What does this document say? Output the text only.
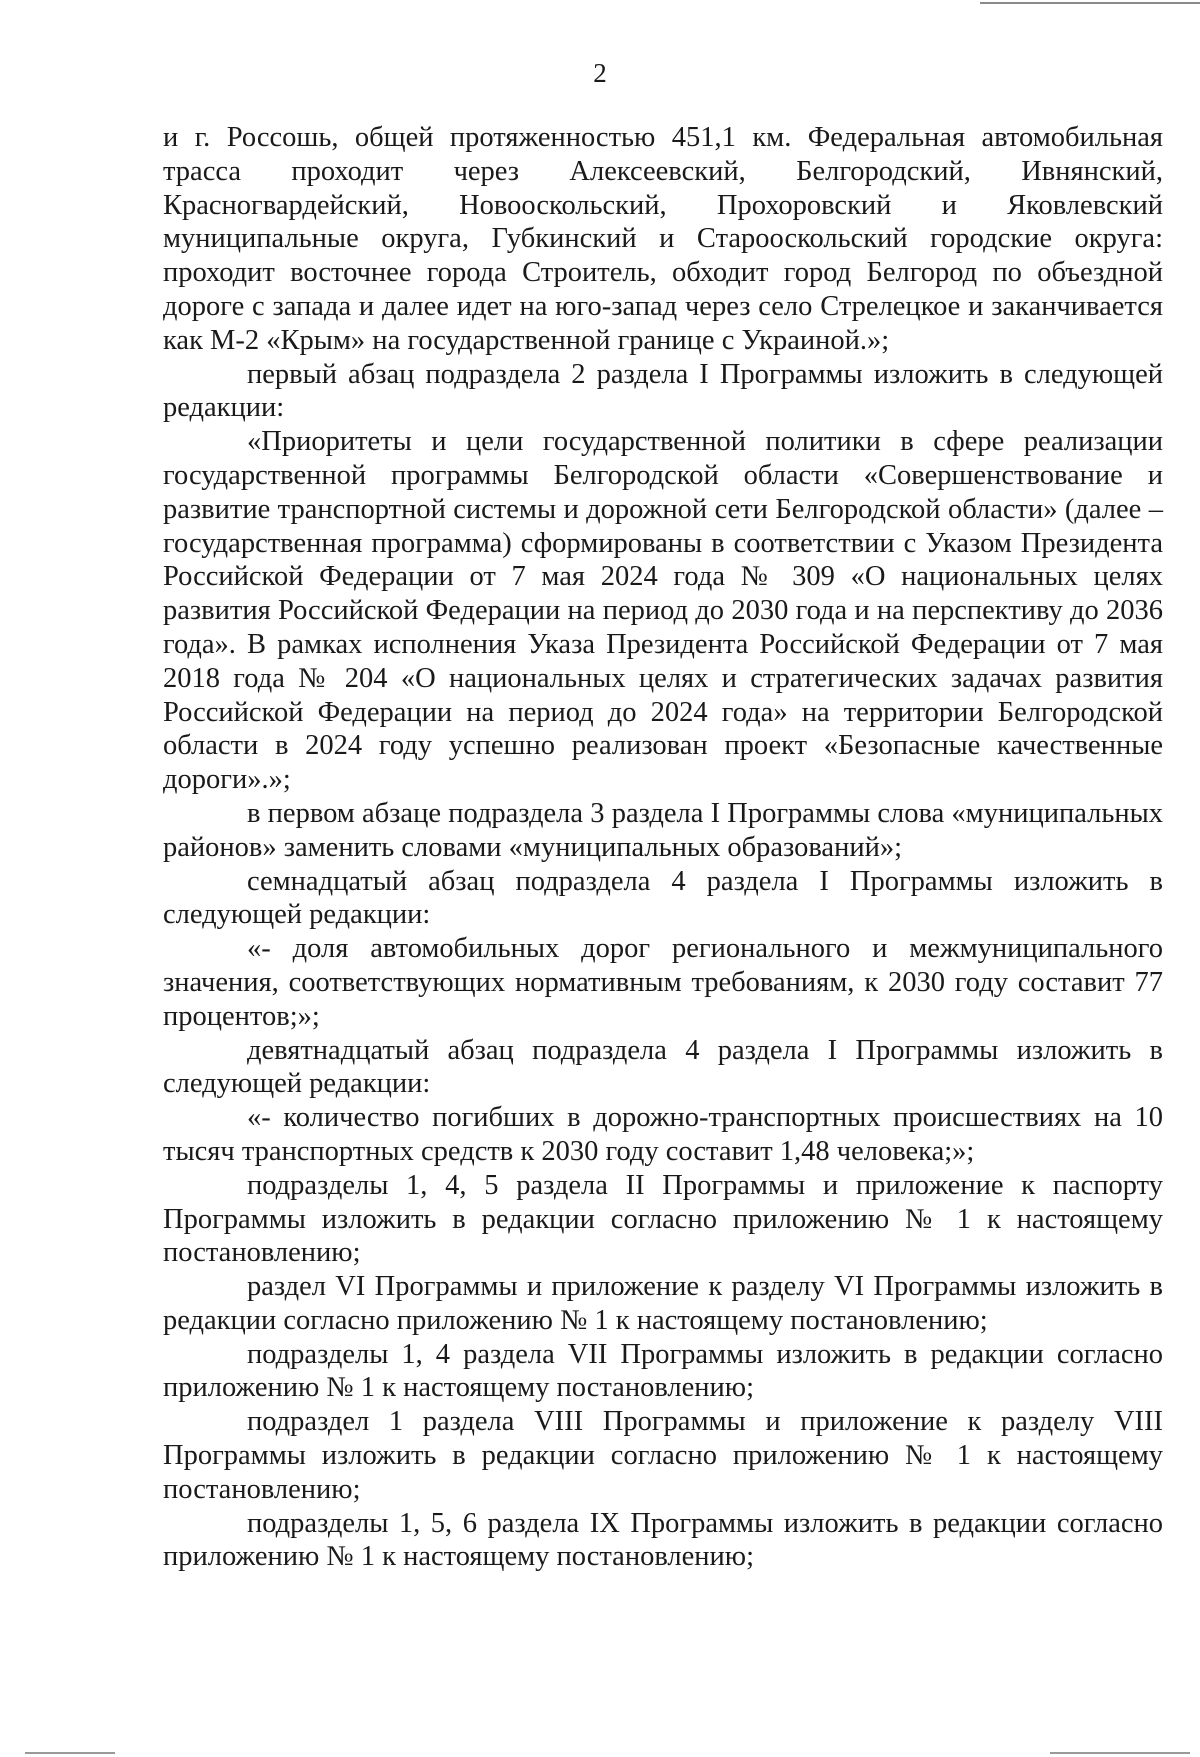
2

и г. Россошь, общей протяженностью 451,1 км. Федеральная автомобильная трасса проходит через Алексеевский, Белгородский, Ивнянский, Красногвардейский, Новооскольский, Прохоровский и Яковлевский муниципальные округа, Губкинский и Старооскольский городские округа: проходит восточнее города Строитель, обходит город Белгород по объездной дороге с запада и далее идет на юго-запад через село Стрелецкое и заканчивается как М-2 «Крым» на государственной границе с Украиной.»;

первый абзац подраздела 2 раздела I Программы изложить в следующей редакции:

«Приоритеты и цели государственной политики в сфере реализации государственной программы Белгородской области «Совершенствование и развитие транспортной системы и дорожной сети Белгородской области» (далее – государственная программа) сформированы в соответствии с Указом Президента Российской Федерации от 7 мая 2024 года № 309 «О национальных целях развития Российской Федерации на период до 2030 года и на перспективу до 2036 года». В рамках исполнения Указа Президента Российской Федерации от 7 мая 2018 года № 204 «О национальных целях и стратегических задачах развития Российской Федерации на период до 2024 года» на территории Белгородской области в 2024 году успешно реализован проект «Безопасные качественные дороги».»;

в первом абзаце подраздела 3 раздела I Программы слова «муниципальных районов» заменить словами «муниципальных образований»;

семнадцатый абзац подраздела 4 раздела I Программы изложить в следующей редакции:

«- доля автомобильных дорог регионального и межмуниципального значения, соответствующих нормативным требованиям, к 2030 году составит 77 процентов;»;

девятнадцатый абзац подраздела 4 раздела I Программы изложить в следующей редакции:

«- количество погибших в дорожно-транспортных происшествиях на 10 тысяч транспортных средств к 2030 году составит 1,48 человека;»;

подразделы 1, 4, 5 раздела II Программы и приложение к паспорту Программы изложить в редакции согласно приложению № 1 к настоящему постановлению;

раздел VI Программы и приложение к разделу VI Программы изложить в редакции согласно приложению № 1 к настоящему постановлению;

подразделы 1, 4 раздела VII Программы изложить в редакции согласно приложению № 1 к настоящему постановлению;

подраздел 1 раздела VIII Программы и приложение к разделу VIII Программы изложить в редакции согласно приложению № 1 к настоящему постановлению;

подразделы 1, 5, 6 раздела IX Программы изложить в редакции согласно приложению № 1 к настоящему постановлению;
